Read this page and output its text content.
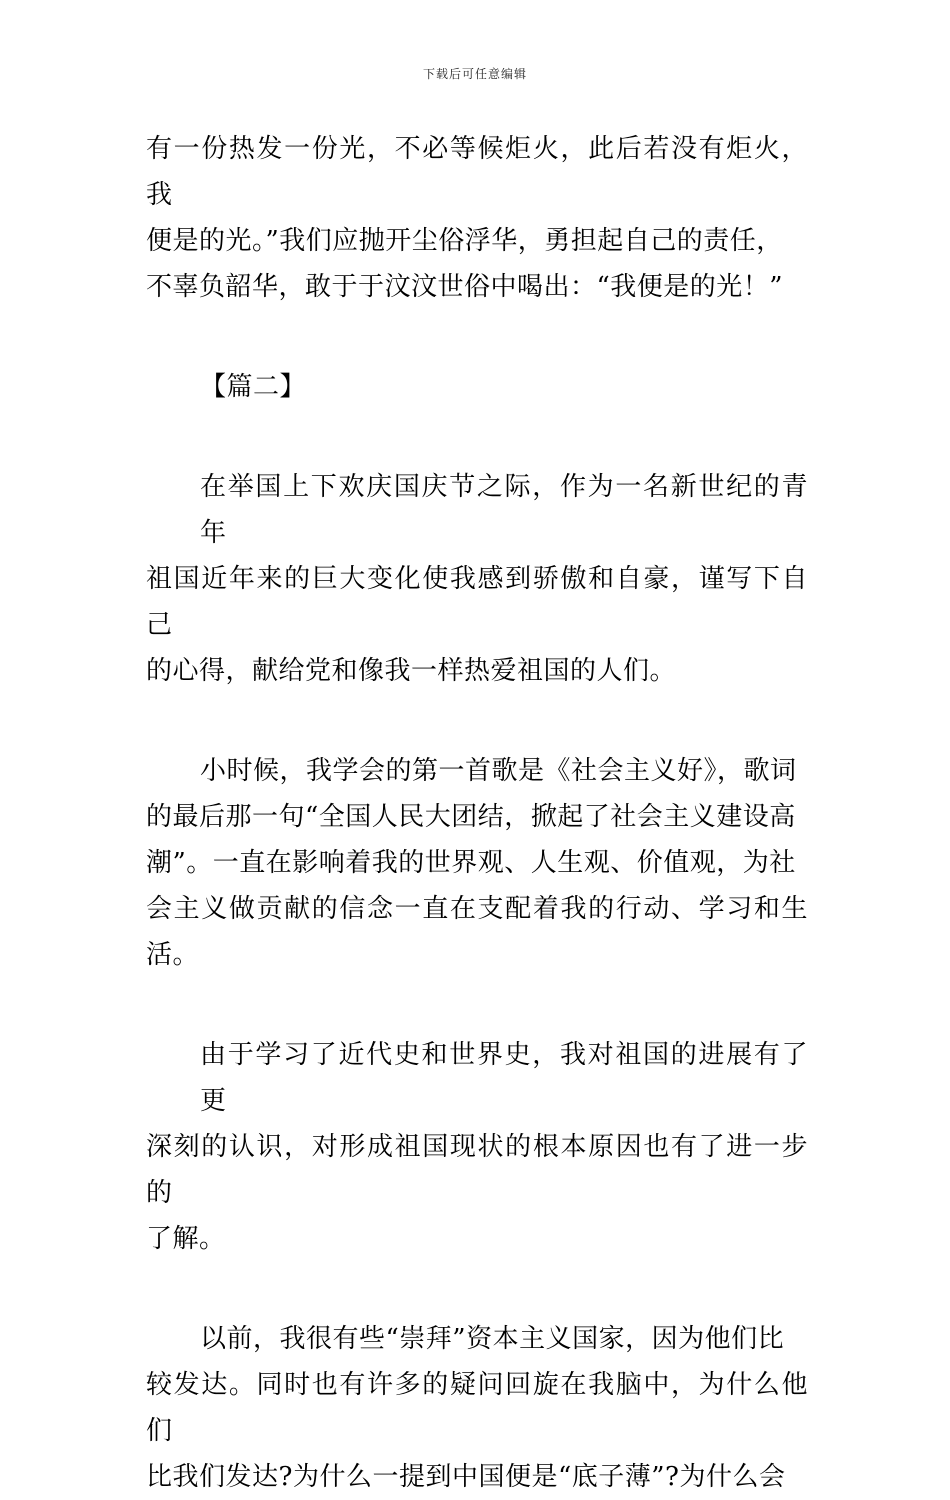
下载后可任意编辑

有一份热发一份光，不必等候炬火，此后若没有炬火，我
便是的光。”我们应抛开尘俗浮华，勇担起自己的责任，
不辜负韶华，敢于于汶汶世俗中喝出：“我便是的光！”

【篇二】

在举国上下欢庆国庆节之际，作为一名新世纪的青年
祖国近年来的巨大变化使我感到骄傲和自豪，谨写下自己
的心得，献给党和像我一样热爱祖国的人们。

小时候，我学会的第一首歌是《社会主义好》，歌词
的最后那一句“全国人民大团结，掀起了社会主义建设高
潮”。一直在影响着我的世界观、人生观、价值观，为社
会主义做贡献的信念一直在支配着我的行动、学习和生活。

由于学习了近代史和世界史，我对祖国的进展有了更
深刻的认识，对形成祖国现状的根本原因也有了进一步的
了解。

以前，我很有些“崇拜”资本主义国家，因为他们比
较发达。同时也有许多的疑问回旋在我脑中，为什么他们
比我们发达?为什么一提到中国便是“底子薄”?为什么会
